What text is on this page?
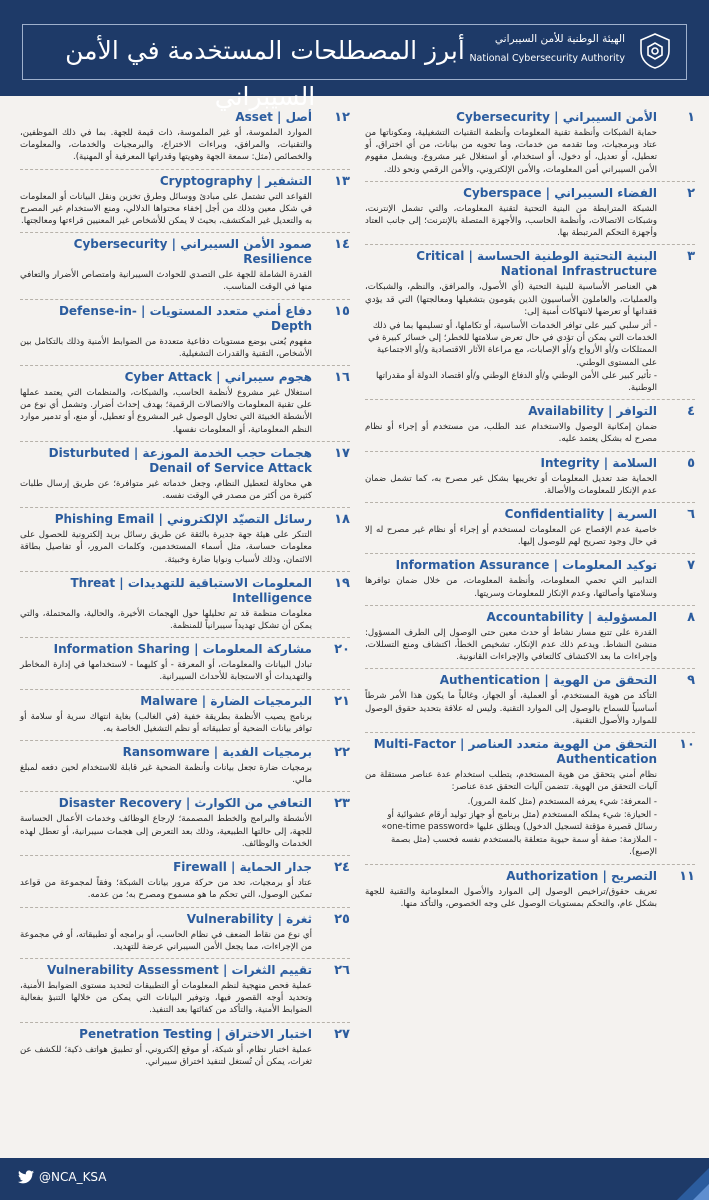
أبرز المصطلحات المستخدمة في الأمن السيبراني
الهيئة الوطنية للأمن السيبراني
National Cybersecurity Authority
١
الأمن السيبراني | Cybersecurity
حماية الشبكات وأنظمة تقنية المعلومات وأنظمة التقنيات التشغيلية، ومكوناتها من عتاد وبرمجيات، وما تقدمه من خدمات، وما تحويه من بيانات، من أي اختراق، أو تعطيل، أو تعديل، أو دخول، أو استخدام، أو استغلال غير مشروع. ويشمل مفهوم الأمن السيبراني أمن المعلومات، والأمن الإلكتروني، والأمن الرقمي ونحو ذلك.
٢
الفضاء السيبراني | Cyberspace
الشبكة المترابطة من البنية التحتية لتقنية المعلومات، والتي تشمل الإنترنت، وشبكات الاتصالات، وأنظمة الحاسب، والأجهزة المتصلة بالإنترنت؛ إلى جانب العتاد وأجهزة التحكم المرتبطة بها.
٣
البنية التحتية الوطنية الحساسة | Critical National Infrastructure
هي العناصر الأساسية للبنية التحتية (أي الأصول، والمرافق، والنظم، والشبكات، والعمليات، والعاملون الأساسيون الذين يقومون بتشغيلها ومعالجتها) التي قد يؤدي فقدانها أو تعرضها لانتهاكات أمنية إلى:
- أثر سلبي كبير على توافر الخدمات الأساسية، أو تكاملها، أو تسليمها بما في ذلك الخدمات التي يمكن أن تؤدي في حال تعرض سلامتها للخطر؛ إلى خسائر كبيرة في الممتلكات و/أو الأرواح و/أو الإصابات، مع مراعاة الآثار الاقتصادية و/أو الاجتماعية على المستوى الوطني.
- تأثير كبير على الأمن الوطني و/أو الدفاع الوطني و/أو اقتصاد الدولة أو مقدراتها الوطنية.
٤
التوافر | Availability
ضمان إمكانية الوصول والاستخدام عند الطلب، من مستخدم أو إجراء أو نظام مصرح له بشكل يعتمد عليه.
٥
السلامة | Integrity
الحماية ضد تعديل المعلومات أو تخريبها بشكل غير مصرح به، كما تشمل ضمان عدم الإنكار للمعلومات والأصالة.
٦
السرية | Confidentiality
خاصية عدم الإفصاح عن المعلومات لمستخدم أو إجراء أو نظام غير مصرح له إلا في حال وجود تصريح لهم للوصول إليها.
٧
توكيد المعلومات | Information Assurance
التدابير التي تحمي المعلومات، وأنظمة المعلومات، من خلال ضمان توافرها وسلامتها وأصالتها، وعدم الإنكار للمعلومات وسريتها.
٨
المسؤولية | Accountability
القدرة على تتبع مسار نشاط أو حدث معين حتى الوصول إلى الطرف المسؤول: منشئ النشاط. ويدعم ذلك عدم الإنكار، تشخيص الخطأ، اكتشاف ومنع التسللات، وإجراءات ما بعد الاكتشاف كالتعافي والإجراءات القانونية.
٩
التحقق من الهوية | Authentication
التأكد من هوية المستخدم، أو العملية، أو الجهاز، وغالباً ما يكون هذا الأمر شرطاً أساسياً للسماح بالوصول إلى الموارد التقنية. وليس له علاقة بتحديد حقوق الوصول للموارد والأصول التقنية.
١٠
التحقق من الهوية متعدد العناصر | Multi-Factor Authentication
نظام أمني يتحقق من هوية المستخدم، يتطلب استخدام عدة عناصر مستقلة من آليات التحقق من الهوية. تتضمن آليات التحقق عدة عناصر:
- المعرفة: شيء يعرفه المستخدم (مثل كلمة المرور).
- الحيازة: شيء يملكه المستخدم (مثل برنامج أو جهاز توليد أرقام عشوائية أو رسائل قصيرة مؤقتة لتسجيل الدخول) ويطلق عليها «one-time password»
- الملازمة: صفة أو سمة حيوية متعلقة بالمستخدم نفسه فحسب (مثل بصمة الإصبع).
١١
التصريح | Authorization
تعريف حقوق/تراخيص الوصول إلى الموارد والأصول المعلوماتية والتقنية للجهة بشكل عام، والتحكم بمستويات الوصول على وجه الخصوص، والتأكد منها.
١٢
أصل | Asset
الموارد الملموسة، أو غير الملموسة، ذات قيمة للجهة. بما في ذلك الموظفين، والتقنيات، والمرافق، وبراءات الاختراع، والبرمجيات والخدمات، والمعلومات والخصائص (مثل: سمعة الجهة وهويتها وقدراتها المعرفية أو المهنية).
١٣
التشفير | Cryptography
القواعد التي تشتمل على مبادئ ووسائل وطرق تخزين ونقل البيانات أو المعلومات في شكل معين وذلك من أجل إخفاء محتواها الدلالي، ومنع الاستخدام غير المصرح به والتعديل غير المكتشف، بحيث لا يمكن للأشخاص غير المعنيين قراءتها ومعالجتها.
١٤
صمود الأمن السيبراني | Cybersecurity Resilience
القدرة الشاملة للجهة على التصدي للحوادث السيبرانية وامتصاص الأضرار والتعافي منها في الوقت المناسب.
١٥
دفاع أمني متعدد المستويات | Defense-in-Depth
مفهوم يُعنى بوضع مستويات دفاعية متعددة من الضوابط الأمنية وذلك بالتكامل بين الأشخاص، التقنية والقدرات التشغيلية.
١٦
هجوم سيبراني | Cyber Attack
استغلال غير مشروع لأنظمة الحاسب، والشبكات، والمنظمات التي يعتمد عملها على تقنية المعلومات والاتصالات الرقمية؛ بهدف إحداث أضرار. وتشمل أي نوع من الأنشطة الخبيثة التي تحاول الوصول غير المشروع أو تعطيل، أو منع، أو تدمير موارد النظم المعلوماتية، أو المعلومات نفسها.
١٧
هجمات حجب الخدمة الموزعة | Disturbuted Denail of Service Attack
هي محاولة لتعطيل النظام، وجعل خدماته غير متوافرة؛ عن طريق إرسال طلبات كثيرة من أكثر من مصدر في الوقت نفسه.
١٨
رسائل التصيّد الإلكتروني | Phishing Email
التنكر على هيئة جهة جديرة بالثقة عن طريق رسائل بريد إلكترونية للحصول على معلومات حساسة، مثل أسماء المستخدمين، وكلمات المرور، أو تفاصيل بطاقة الائتمان، وذلك لأسباب ونوايا ضارة وخبيثة.
١٩
المعلومات الاستباقية للتهديدات | Threat Intelligence
معلومات منظمة قد تم تحليلها حول الهجمات الأخيرة، والحالية، والمحتملة، والتي يمكن أن تشكل تهديداً سيبرانياً للمنظمة.
٢٠
مشاركة المعلومات | Information Sharing
تبادل البيانات والمعلومات، أو المعرفة - أو كليهما - لاستخدامها في إدارة المخاطر والتهديدات أو الاستجابة للأحداث السيبرانية.
٢١
البرمجيات الضارة | Malware
برنامج يصيب الأنظمة بطريقة خفية (في الغالب) بغاية انتهاك سرية أو سلامة أو توافر بيانات الضحية أو تطبيقاته أو نظم التشغيل الخاصة به.
٢٢
برمجيات الفدية | Ransomware
برمجيات ضارة تجعل بيانات وأنظمة الضحية غير قابلة للاستخدام لحين دفعه لمبلغ مالي.
٢٣
التعافي من الكوارث | Disaster Recovery
الأنشطة والبرامج والخطط المصممة؛ لإرجاع الوظائف وخدمات الأعمال الحساسة للجهة، إلى حالتها الطبيعية، وذلك بعد التعرض إلى هجمات سيبرانية، أو تعطل لهذه الخدمات والوظائف.
٢٤
جدار الحماية | Firewall
عتاد أو برمجيات، تحد من حركة مرور بيانات الشبكة؛ وفقاً لمجموعة من قواعد تمكين الوصول، التي تحكم ما هو مسموح ومصرح به؛ من عدمه.
٢٥
ثغرة | Vulnerability
أي نوع من نقاط الضعف في نظام الحاسب، أو برامجه أو تطبيقاته، أو في مجموعة من الإجراءات، مما يجعل الأمن السيبراني عرضة للتهديد.
٢٦
تقييم الثغرات | Vulnerability Assessment
عملية فحص منهجية لنظم المعلومات أو التطبيقات لتحديد مستوى الضوابط الأمنية، وتحديد أوجه القصور فيها، وتوفير البيانات التي يمكن من خلالها التنبؤ بفعالية الضوابط الأمنية، والتأكد من كفائتها بعد التنفيذ.
٢٧
اختبار الاختراق | Penetration Testing
عملية اختبار نظام، أو شبكة، أو موقع إلكتروني، أو تطبيق هواتف ذكية؛ للكشف عن ثغرات، يمكن أن تُستغل لتنفيذ اختراق سيبراني.
@NCA_KSA
